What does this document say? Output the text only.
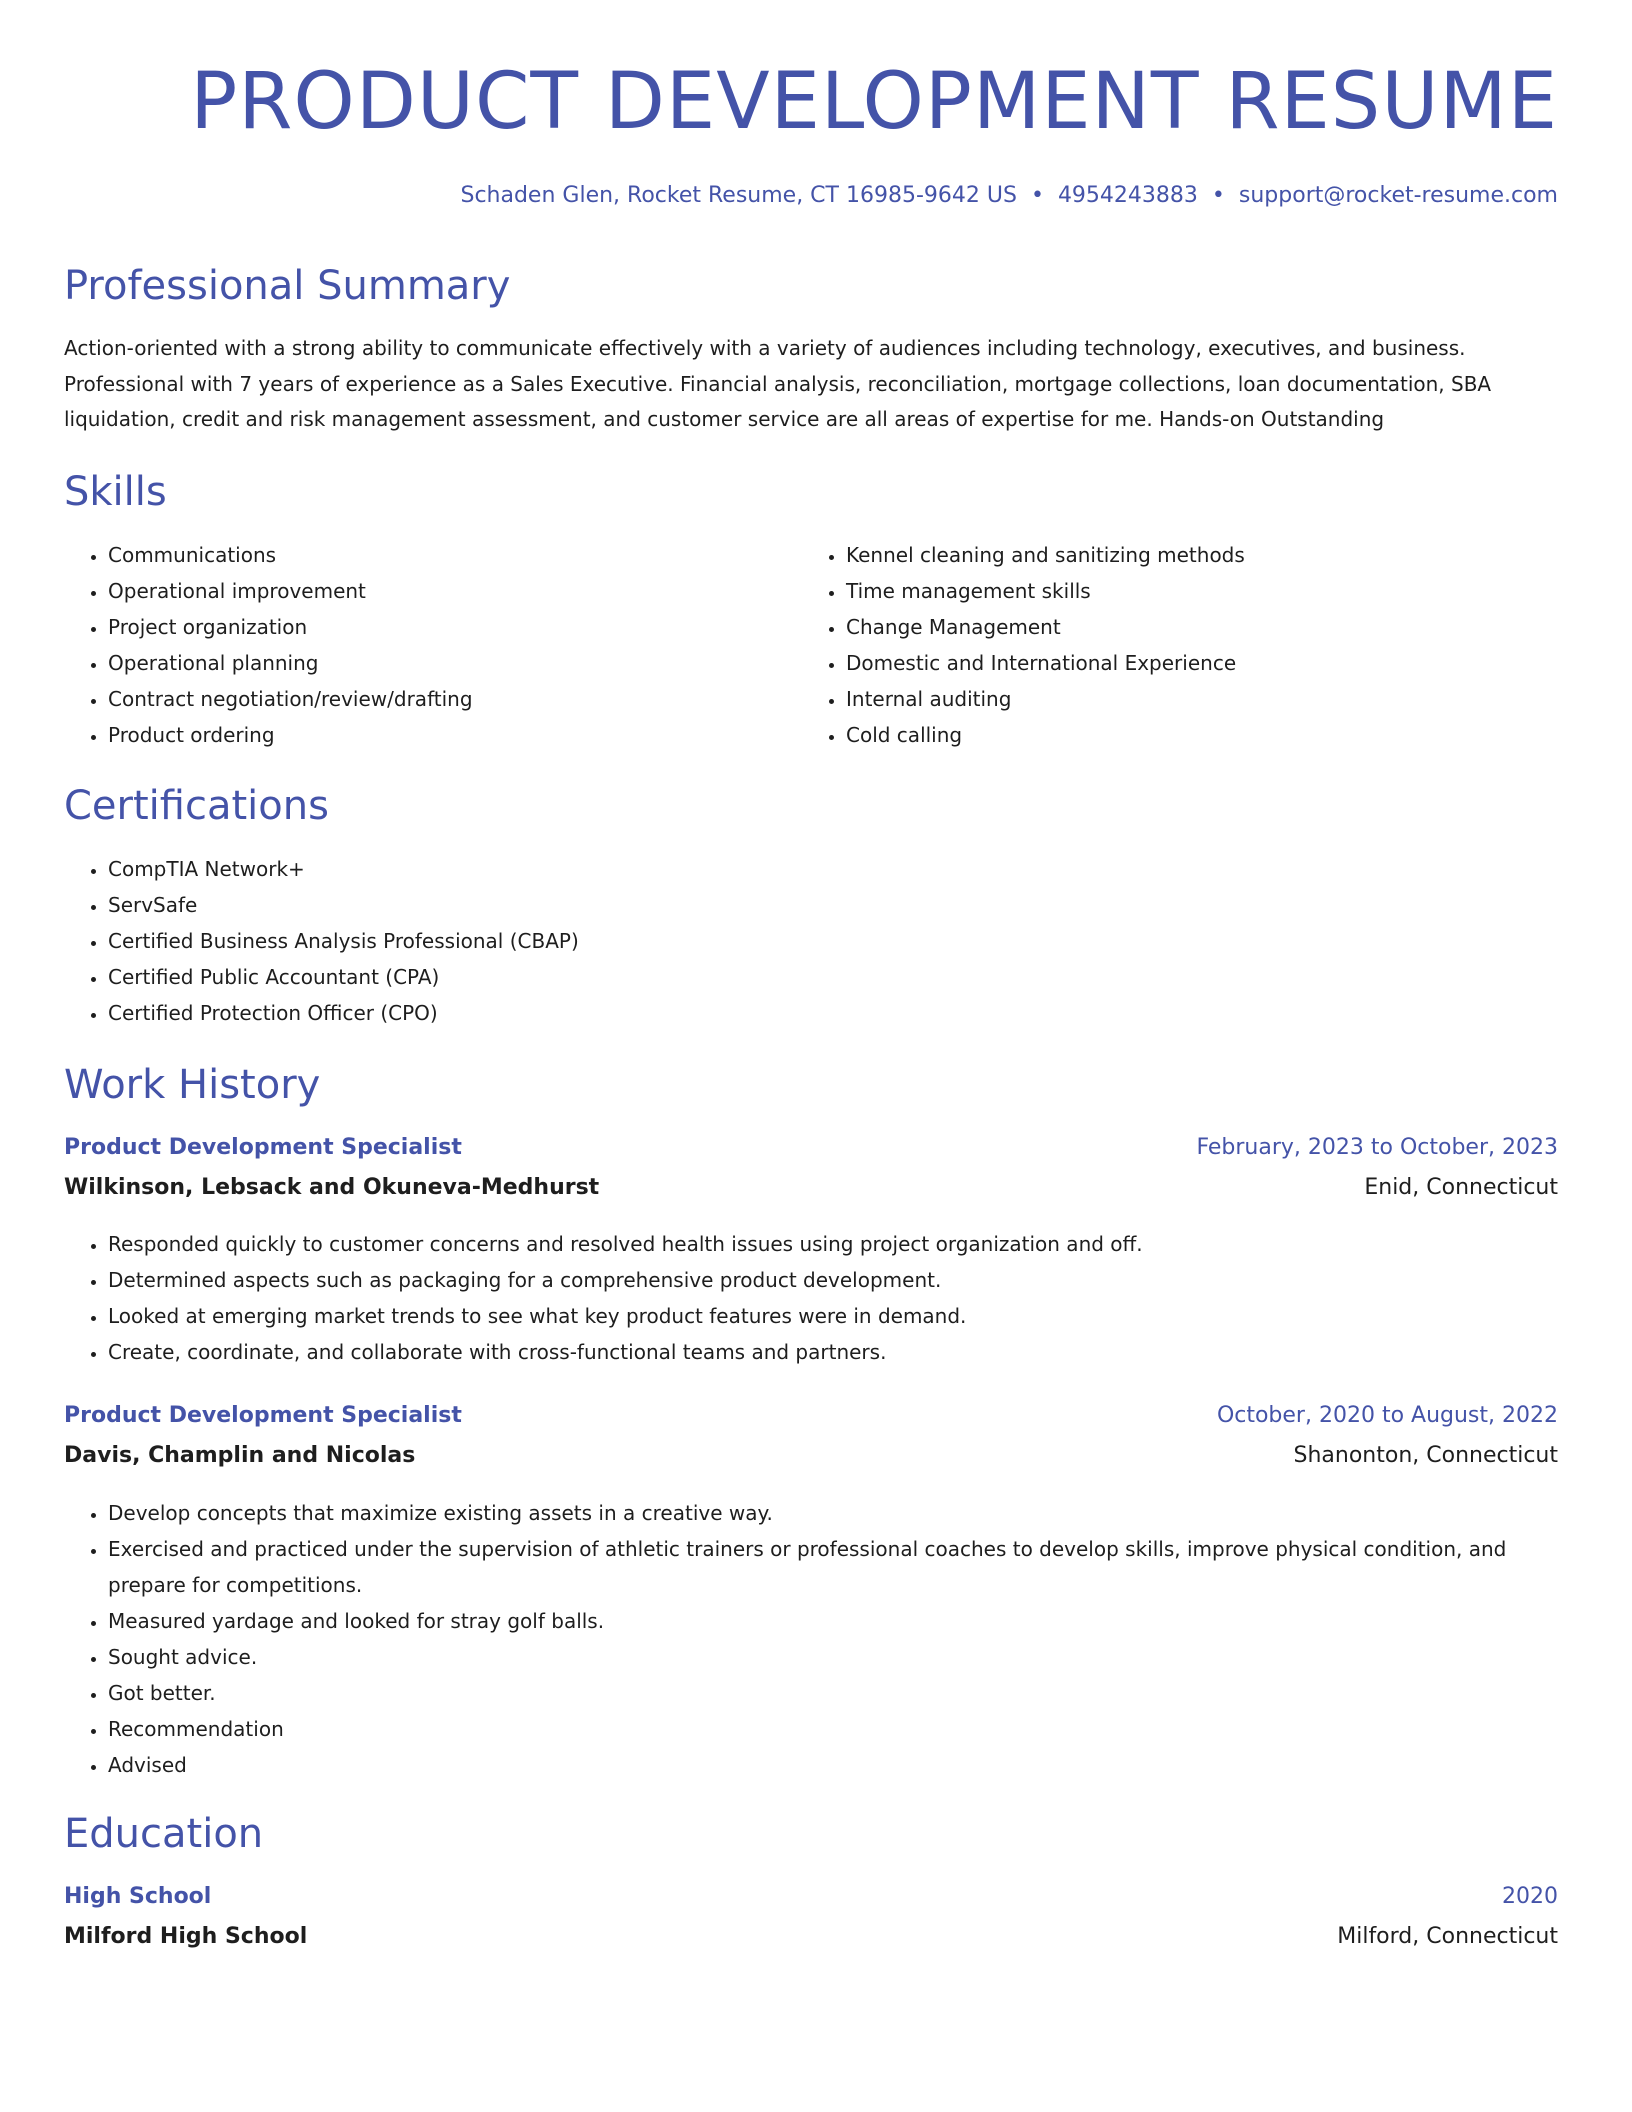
PRODUCT DEVELOPMENT RESUME
Schaden Glen, Rocket Resume, CT 16985-9642 US • 4954243883 • support@rocket-resume.com
Professional Summary

Action-oriented with a strong ability to communicate effectively with a variety of audiences including technology, executives, and business. Professional with 7 years of experience as a Sales Executive. Financial analysis, reconciliation, mortgage collections, loan documentation, SBA liquidation, credit and risk management assessment, and customer service are all areas of expertise for me. Hands-on Outstanding

Skills
• Communications
• Operational improvement
• Project organization
• Operational planning
• Contract negotiation/review/drafting
• Product ordering
• Kennel cleaning and sanitizing methods
• Time management skills
• Change Management
• Domestic and International Experience
• Internal auditing
• Cold calling
Certifications
• CompTIA Network+
• ServSafe
• Certified Business Analysis Professional (CBAP)
• Certified Public Accountant (CPA)
• Certified Protection Officer (CPO)
Work History
Product Development Specialist	February, 2023 to October, 2023
Wilkinson, Lebsack and Okuneva-Medhurst	Enid, Connecticut
• Responded quickly to customer concerns and resolved health issues using project organization and off.
• Determined aspects such as packaging for a comprehensive product development.
• Looked at emerging market trends to see what key product features were in demand.
• Create, coordinate, and collaborate with cross-functional teams and partners.
Product Development Specialist	October, 2020 to August, 2022
Davis, Champlin and Nicolas	Shanonton, Connecticut
• Develop concepts that maximize existing assets in a creative way.
• Exercised and practiced under the supervision of athletic trainers or professional coaches to develop skills, improve physical condition, and prepare for competitions.
• Measured yardage and looked for stray golf balls.
• Sought advice.
• Got better.
• Recommendation
• Advised
Education
High School	2020
Milford High School	Milford, Connecticut
